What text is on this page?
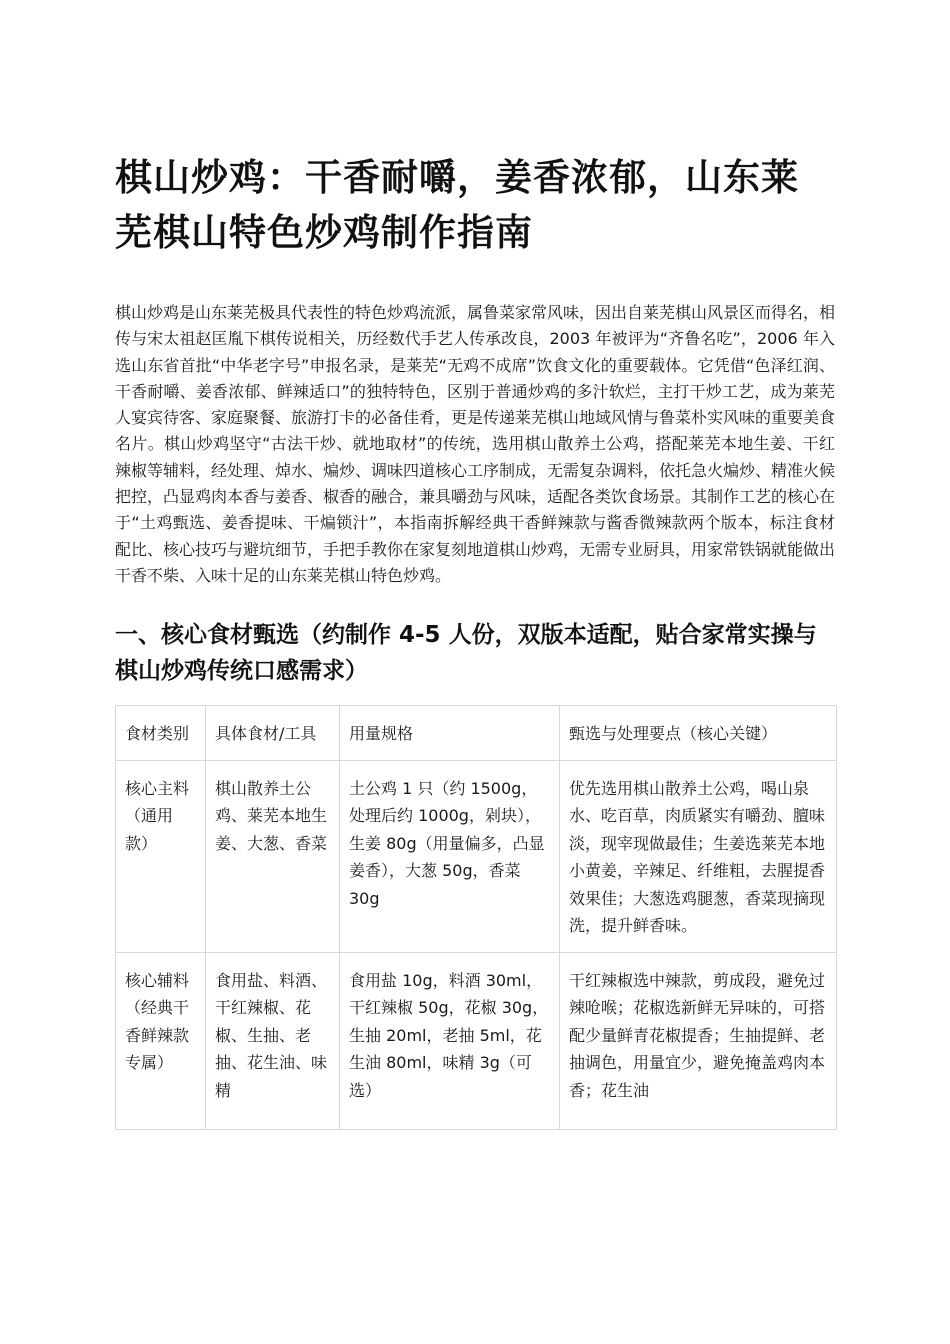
棋山炒鸡：干香耐嚼，姜香浓郁，山东莱芜棋山特色炒鸡制作指南

棋山炒鸡是山东莱芜极具代表性的特色炒鸡流派，属鲁菜家常风味，因出自莱芜棋山风景区而得名，相传与宋太祖赵匡胤下棋传说相关，历经数代手艺人传承改良，2003 年被评为“齐鲁名吃”，2006 年入选山东省首批“中华老字号”申报名录，是莱芜“无鸡不成席”饮食文化的重要载体。它凭借“色泽红润、干香耐嚼、姜香浓郁、鲜辣适口”的独特特色，区别于普通炒鸡的多汁软烂，主打干炒工艺，成为莱芜人宴宾待客、家庭聚餐、旅游打卡的必备佳肴，更是传递莱芜棋山地域风情与鲁菜朴实风味的重要美食名片。棋山炒鸡坚守“古法干炒、就地取材”的传统，选用棋山散养土公鸡，搭配莱芜本地生姜、干红辣椒等辅料，经处理、焯水、煸炒、调味四道核心工序制成，无需复杂调料，依托急火煸炒、精准火候把控，凸显鸡肉本香与姜香、椒香的融合，兼具嚼劲与风味，适配各类饮食场景。其制作工艺的核心在于“土鸡甄选、姜香提味、干煸锁汁”，本指南拆解经典干香鲜辣款与酱香微辣款两个版本，标注食材配比、核心技巧与避坑细节，手把手教你在家复刻地道棋山炒鸡，无需专业厨具，用家常铁锅就能做出干香不柴、入味十足的山东莱芜棋山特色炒鸡。

一、核心食材甄选（约制作 4-5 人份，双版本适配，贴合家常实操与棋山炒鸡传统口感需求）
食材类别	具体食材/工具	用量规格	甄选与处理要点（核心关键）
核心主料（通用款）	棋山散养土公鸡、莱芜本地生姜、大葱、香菜	土公鸡 1 只（约 1500g，处理后约 1000g，剁块），生姜 80g（用量偏多，凸显姜香），大葱 50g，香菜 30g	优先选用棋山散养土公鸡，喝山泉水、吃百草，肉质紧实有嚼劲、膻味淡，现宰现做最佳；生姜选莱芜本地小黄姜，辛辣足、纤维粗，去腥提香效果佳；大葱选鸡腿葱，香菜现摘现洗，提升鲜香味。

核心辅料（经典干香鲜辣款专属）	食用盐、料酒、干红辣椒、花椒、生抽、老抽、花生油、味精	食用盐 10g，料酒 30ml，干红辣椒 50g，花椒 30g，生抽 20ml，老抽 5ml，花生油 80ml，味精 3g（可选）	干红辣椒选中辣款，剪成段，避免过辣呛喉；花椒选新鲜无异味的，可搭配少量鲜青花椒提香；生抽提鲜、老抽调色，用量宜少，避免掩盖鸡肉本香；花生油
